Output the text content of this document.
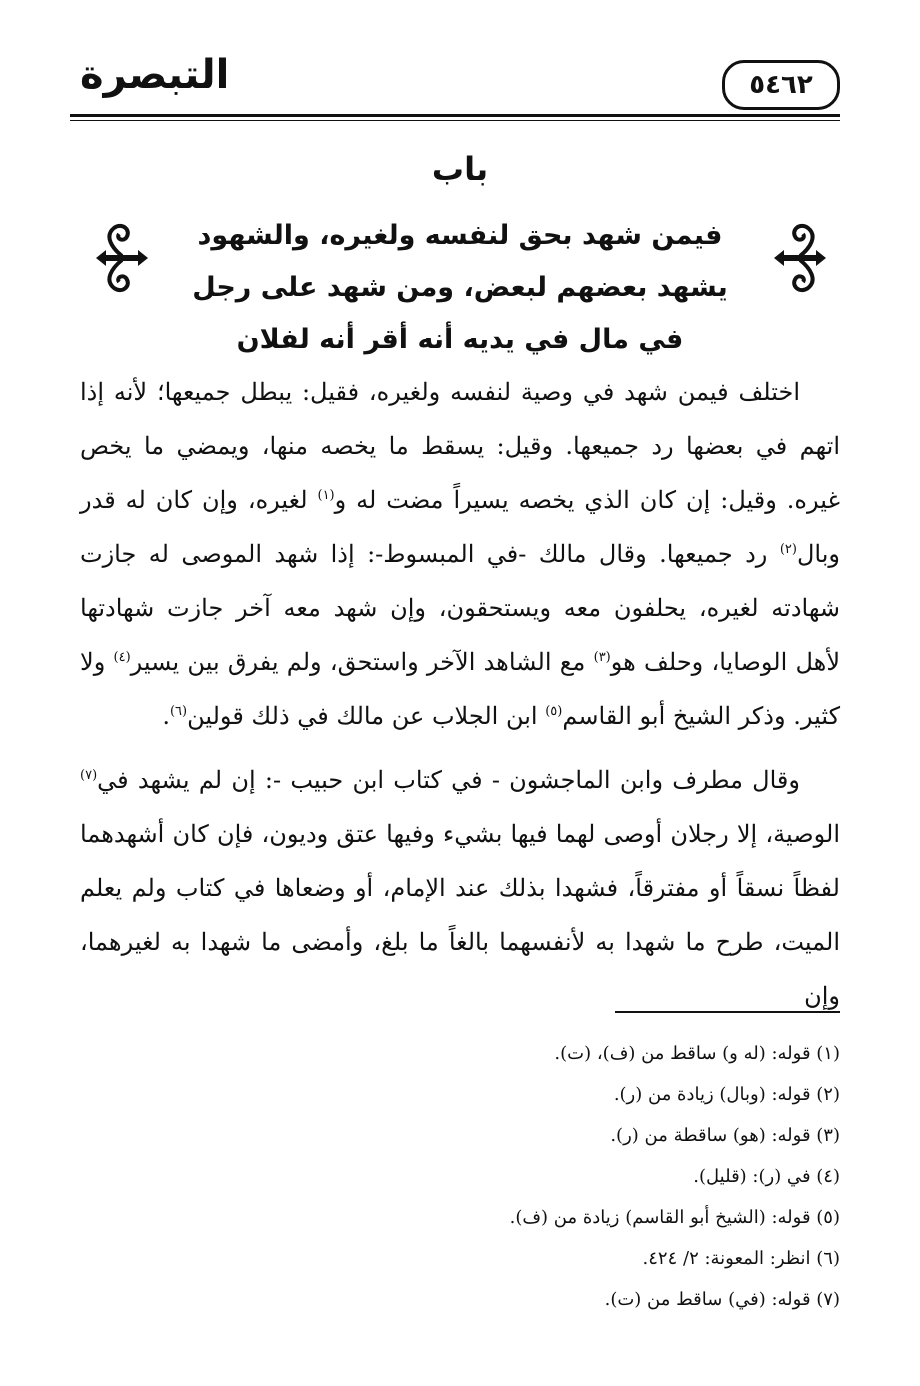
التبصرة	٥٤٦٢
باب
فيمن شهد بحق لنفسه ولغيره، والشهود يشهد بعضهم لبعض، ومن شهد على رجل في مال في يديه أنه أقر أنه لفلان

اختلف فيمن شهد في وصية لنفسه ولغيره، فقيل: يبطل جميعها؛ لأنه إذا اتهم في بعضها رد جميعها. وقيل: يسقط ما يخصه منها، ويمضي ما يخص غيره. وقيل: إن كان الذي يخصه يسيراً مضت له و$^{(١)}$ لغيره، وإن كان له قدر وبال$^{(٢)}$ رد جميعها. وقال مالك -في المبسوط-: إذا شهد الموصى له جازت شهادته لغيره، يحلفون معه ويستحقون، وإن شهد معه آخر جازت شهادتها لأهل الوصايا، وحلف هو$^{(٣)}$ مع الشاهد الآخر واستحق، ولم يفرق بين يسير$^{(٤)}$ ولا كثير. وذكر الشيخ أبو القاسم$^{(٥)}$ ابن الجلاب عن مالك في ذلك قولين$^{(٦)}$.

وقال مطرف وابن الماجشون - في كتاب ابن حبيب -: إن لم يشهد في$^{(٧)}$ الوصية، إلا رجلان أوصى لهما فيها بشيء وفيها عتق وديون، فإن كان أشهدهما لفظاً نسقاً أو مفترقاً، فشهدا بذلك عند الإمام، أو وضعاها في كتاب ولم يعلم الميت، طرح ما شهدا به لأنفسهما بالغاً ما بلغ، وأمضى ما شهدا به لغيرهما، وإن

(١) قوله: (له و) ساقط من (ف)، (ت).
(٢) قوله: (وبال) زيادة من (ر).
(٣) قوله: (هو) ساقطة من (ر).
(٤) في (ر): (قليل).
(٥) قوله: (الشيخ أبو القاسم) زيادة من (ف).
(٦) انظر: المعونة: ٢/ ٤٢٤.
(٧) قوله: (في) ساقط من (ت).
